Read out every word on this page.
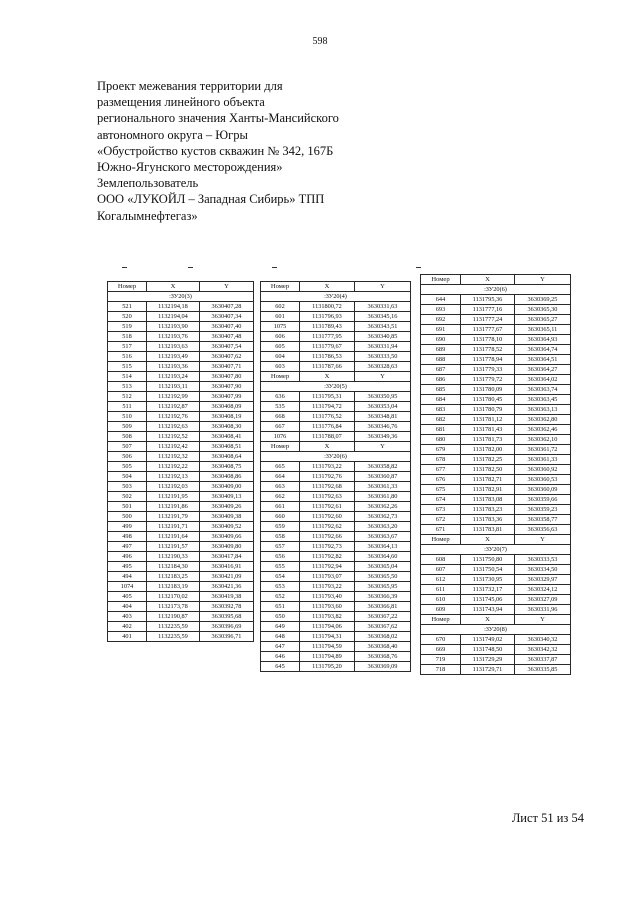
598
Проект межевания территории для
размещения линейного объекта
регионального значения Ханты-Мансийского
автономного округа – Югры
«Обустройство кустов скважин № 342, 167Б
Южно-Ягунского месторождения»
Землепользователь
ООО «ЛУКОЙЛ – Западная Сибирь» ТПП
Когалымнефтегаз»
Номер	X	Y
:ЗУ20(3)		
521	1132194,18	3630407,28
520	1132194,04	3630407,34
519	1132193,90	3630407,40
518	1132193,76	3630407,48
517	1132193,63	3630407,54
516	1132193,49	3630407,62
515	1132193,36	3630407,71
514	1132193,24	3630407,80
513	1132193,11	3630407,90
512	1132192,99	3630407,99
511	1132192,87	3630408,09
510	1132192,76	3630408,19
509	1132192,63	3630408,30
508	1132192,52	3630408,41
507	1132192,42	3630408,51
506	1132192,32	3630408,64
505	1132192,22	3630408,75
504	1132192,13	3630408,86
503	1132192,03	3630409,00
502	1132191,95	3630409,13
501	1132191,86	3630409,26
500	1132191,79	3630409,38
499	1132191,71	3630409,52
498	1132191,64	3630409,66
497	1132191,57	3630409,80
496	1132190,33	3630417,84
495	1132184,30	3630416,91
494	1132183,25	3630421,09
1074	1132183,19	3630421,36
405	1132170,02	3630419,38
404	1132173,78	3630392,78
403	1132190,87	3630395,68
402	1132235,59	3630396,69
401	1132235,59	3630396,71
Номер	X	Y
:ЗУ20(4)		
602	1131800,72	3630331,63
601	1131796,93	3630345,16
1075	1131789,43	3630343,51
606	1131777,95	3630340,85
605	1131779,67	3630331,94
604	1131786,53	3630333,50
603	1131787,66	3630328,63
Номер	X	Y
:ЗУ20(5)		
636	1131795,31	3630350,95
535	1131794,72	3630353,04
668	1131776,52	3630348,81
667	1131776,84	3630346,76
1076	1131788,07	3630349,36
Номер	X	Y
:ЗУ20(6)		
665	1131793,22	3630358,82
664	1131792,76	3630360,87
663	1131792,68	3630361,33
662	1131792,63	3630361,80
661	1131792,61	3630362,26
660	1131792,60	3630362,73
659	1131792,62	3630363,20
658	1131792,66	3630363,67
657	1131792,73	3630364,13
656	1131792,82	3630364,60
655	1131792,94	3630365,04
654	1131793,07	3630365,50
653	1131793,22	3630365,95
652	1131793,40	3630366,39
651	1131793,60	3630366,81
650	1131793,82	3630367,22
649	1131794,06	3630367,62
648	1131794,31	3630368,02
647	1131794,59	3630368,40
646	1131794,89	3630368,76
645	1131795,20	3630369,09
Номер	X	Y
:ЗУ20(6)		
644	1131795,36	3630369,25
693	1131777,16	3630365,30
692	1131777,24	3630365,27
691	1131777,67	3630365,11
690	1131778,10	3630364,93
689	1131778,52	3630364,74
688	1131778,94	3630364,51
687	1131779,33	3630364,27
686	1131779,72	3630364,02
685	1131780,09	3630363,74
684	1131780,45	3630363,45
683	1131780,79	3630363,13
682	1131781,12	3630362,80
681	1131781,43	3630362,46
680	1131781,73	3630362,10
679	1131782,00	3630361,72
678	1131782,25	3630361,33
677	1131782,50	3630360,92
676	1131782,71	3630360,53
675	1131782,91	3630360,09
674	1131783,08	3630359,66
673	1131783,23	3630359,23
672	1131783,36	3630358,77
671	1131783,81	3630356,63
Номер	X	Y
:ЗУ20(7)		
608	1131750,80	3630333,53
607	1131750,54	3630334,50
612	1131730,95	3630329,97
611	1131732,17	3630324,12
610	1131745,06	3630327,09
609	1131743,94	3630331,96
Номер	X	Y
:ЗУ20(8)		
670	1131749,02	3630340,32
669	1131748,50	3630342,32
719	1131729,29	3630337,87
718	1131729,71	3630335,85
Лист 51 из 54
